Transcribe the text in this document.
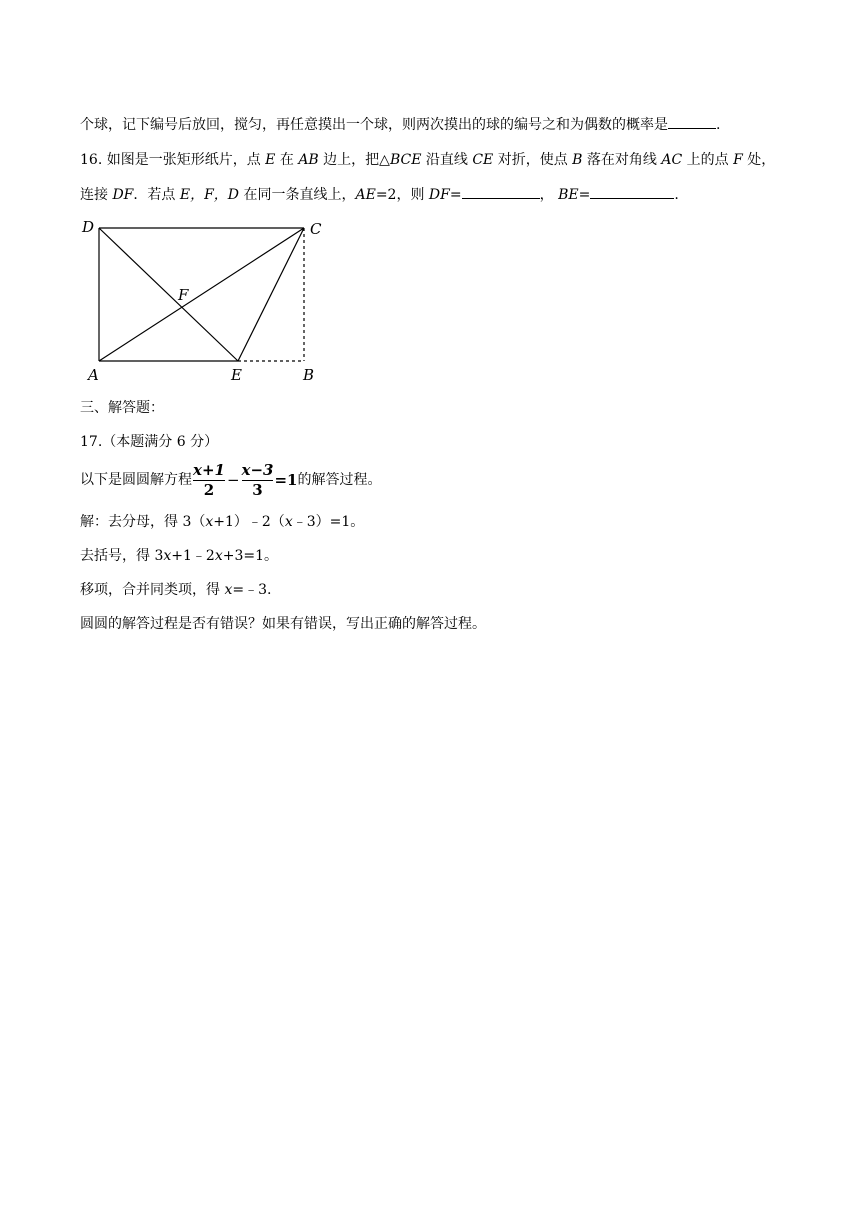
个球，记下编号后放回，搅匀，再任意摸出一个球，则两次摸出的球的编号之和为偶数的概率是	.
16. 如图是一张矩形纸片，点 E 在 AB 边上，把△BCE 沿直线 CE 对折，使点 B 落在对角线 AC 上的点 F 处，
连接 DF．若点 E，F，D 在同一条直线上，AE=2，则 DF=	， BE=	.
D	C
F
A	E	B
三、解答题：
17.（本题满分 6 分）
以下是圆圆解方程 $\frac{x+1}{2} - \frac{x-3}{3} =1$ 的解答过程。
解：去分母，得 3（x+1）﹣2（x﹣3）=1。
去括号，得 3x+1﹣2x+3=1。
移项，合并同类项，得 x=﹣3.
圆圆的解答过程是否有错误？如果有错误，写出正确的解答过程。
